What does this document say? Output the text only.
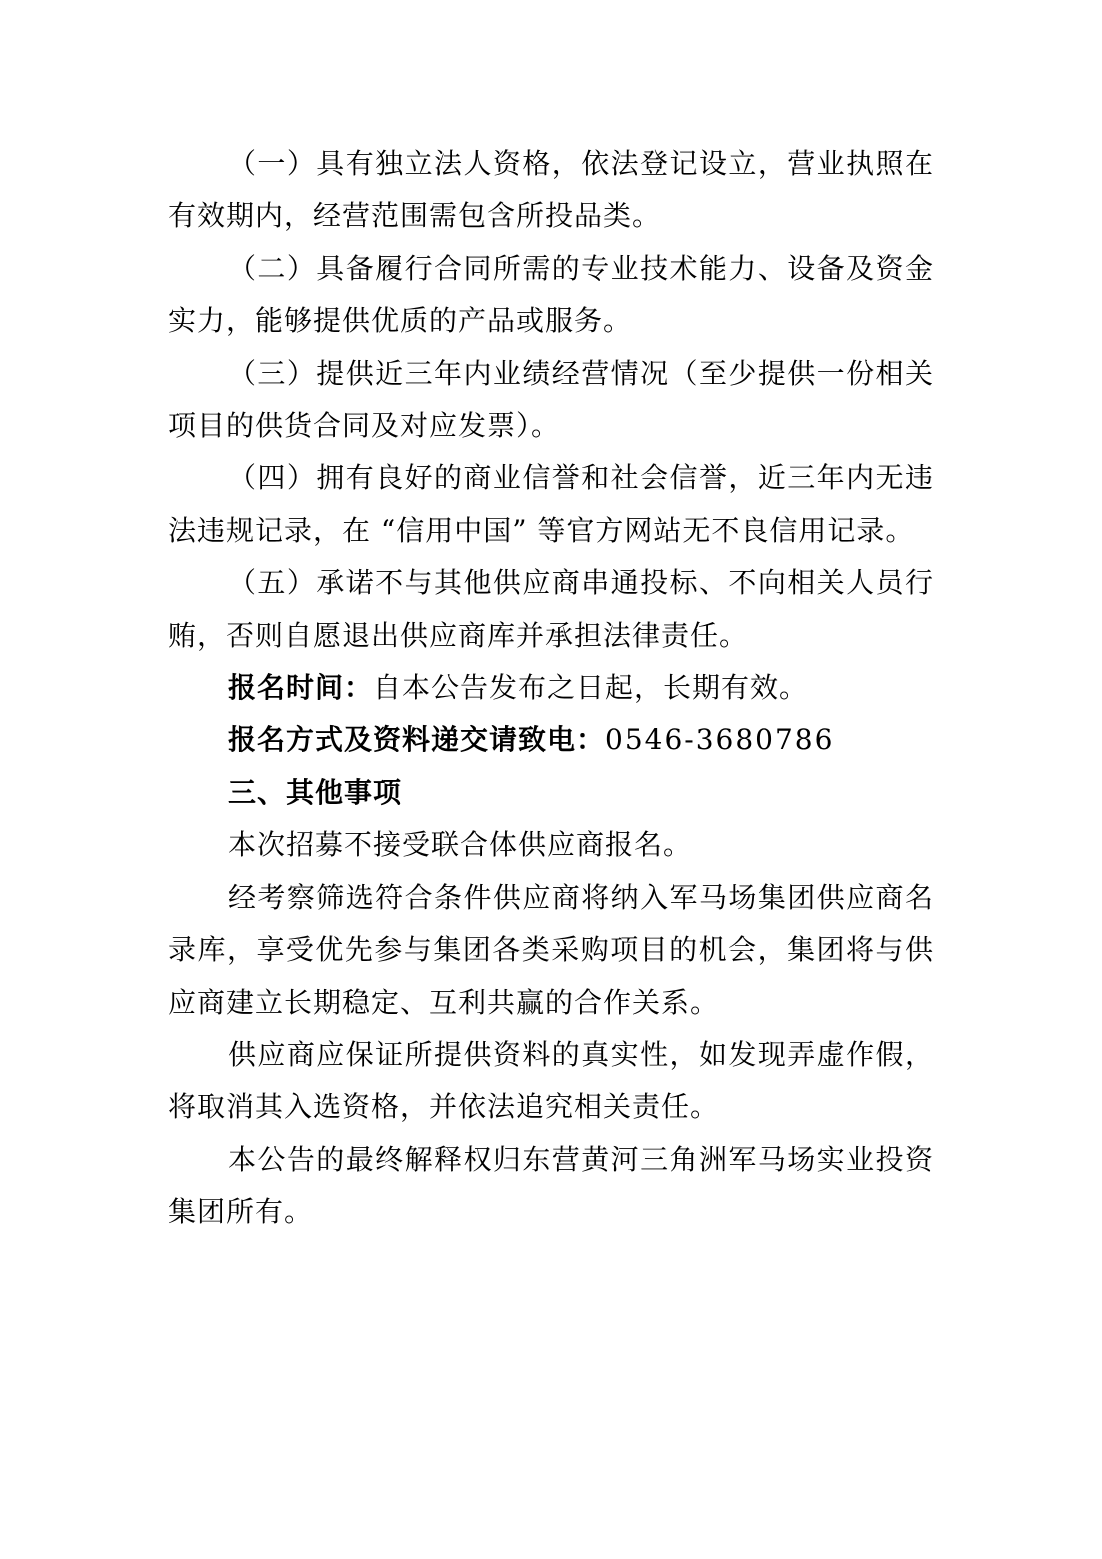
（一）具有独立法人资格，依法登记设立，营业执照在有效期内，经营范围需包含所投品类。

（二）具备履行合同所需的专业技术能力、设备及资金实力，能够提供优质的产品或服务。

（三）提供近三年内业绩经营情况（至少提供一份相关项目的供货合同及对应发票）。

（四）拥有良好的商业信誉和社会信誉，近三年内无违法违规记录，在 “信用中国” 等官方网站无不良信用记录。

（五）承诺不与其他供应商串通投标、不向相关人员行贿，否则自愿退出供应商库并承担法律责任。

报名时间：自本公告发布之日起，长期有效。

报名方式及资料递交请致电：0546-3680786

三、其他事项

本次招募不接受联合体供应商报名。

经考察筛选符合条件供应商将纳入军马场集团供应商名录库，享受优先参与集团各类采购项目的机会，集团将与供应商建立长期稳定、互利共赢的合作关系。

供应商应保证所提供资料的真实性，如发现弄虚作假，将取消其入选资格，并依法追究相关责任。

本公告的最终解释权归东营黄河三角洲军马场实业投资集团所有。
